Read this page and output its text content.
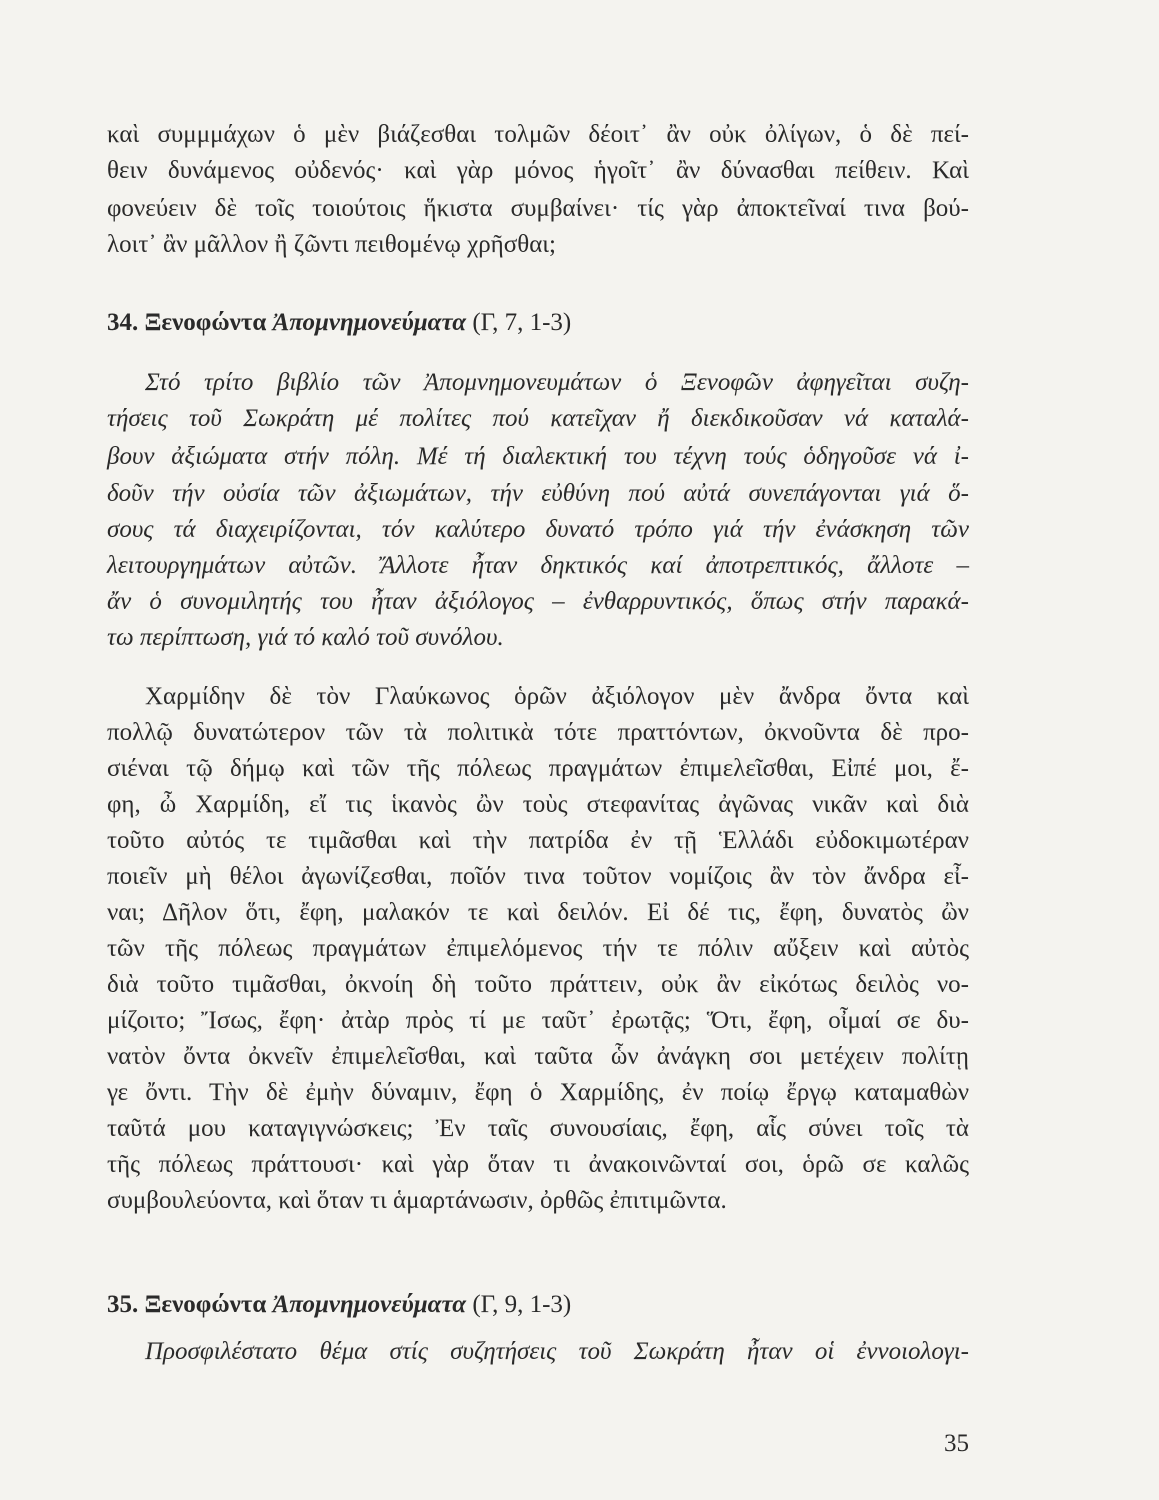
καὶ συμμμάχων ὁ μὲν βιάζεσθαι τολμῶν δέοιτ᾽ ἂν οὐκ ὀλίγων, ὁ δὲ πεί-
θειν δυνάμενος οὐδενός· καὶ γὰρ μόνος ἡγοῖτ᾽ ἂν δύνασθαι πείθειν. Καὶ
φονεύειν δὲ τοῖς τοιούτοις ἥκιστα συμβαίνει· τίς γὰρ ἀποκτεῖναί τινα βού-
λοιτ᾽ ἂν μᾶλλον ἢ ζῶντι πειθομένῳ χρῆσθαι;
34. Ξενοφώντα Ἀπομνημονεύματα (Γ, 7, 1-3)
Στό τρίτο βιβλίο τῶν Ἀπομνημονευμάτων ὁ Ξενοφῶν ἀφηγεῖται συζη-
τήσεις τοῦ Σωκράτη μέ πολίτες πού κατεῖχαν ἤ διεκδικοῦσαν νά καταλά-
βουν ἀξιώματα στήν πόλη. Μέ τή διαλεκτική του τέχνη τούς ὁδηγοῦσε νά ἰ-
δοῦν τήν οὐσία τῶν ἀξιωμάτων, τήν εὐθύνη πού αὐτά συνεπάγονται γιά ὅ-
σους τά διαχειρίζονται, τόν καλύτερο δυνατό τρόπο γιά τήν ἐνάσκηση τῶν
λειτουργημάτων αὐτῶν. Ἄλλοτε ἦταν δηκτικός καί ἀποτρεπτικός, ἄλλοτε –
ἄν ὁ συνομιλητής του ἦταν ἀξιόλογος – ἐνθαρρυντικός, ὅπως στήν παρακά-
τω περίπτωση, γιά τό καλό τοῦ συνόλου.
Χαρμίδην δὲ τὸν Γλαύκωνος ὁρῶν ἀξιόλογον μὲν ἄνδρα ὄντα καὶ
πολλῷ δυνατώτερον τῶν τὰ πολιτικὰ τότε πραττόντων, ὀκνοῦντα δὲ προ-
σιέναι τῷ δήμῳ καὶ τῶν τῆς πόλεως πραγμάτων ἐπιμελεῖσθαι, Εἰπέ μοι, ἔ-
φη, ὦ Χαρμίδη, εἴ τις ἱκανὸς ὢν τοὺς στεφανίτας ἀγῶνας νικᾶν καὶ διὰ
τοῦτο αὐτός τε τιμᾶσθαι καὶ τὴν πατρίδα ἐν τῇ Ἑλλάδι εὐδοκιμωτέραν
ποιεῖν μὴ θέλοι ἀγωνίζεσθαι, ποῖόν τινα τοῦτον νομίζοις ἂν τὸν ἄνδρα εἶ-
ναι; Δῆλον ὅτι, ἔφη, μαλακόν τε καὶ δειλόν. Εἰ δέ τις, ἔφη, δυνατὸς ὢν
τῶν τῆς πόλεως πραγμάτων ἐπιμελόμενος τήν τε πόλιν αὔξειν καὶ αὐτὸς
διὰ τοῦτο τιμᾶσθαι, ὀκνοίη δὴ τοῦτο πράττειν, οὐκ ἂν εἰκότως δειλὸς νο-
μίζοιτο; Ἴσως, ἔφη· ἀτὰρ πρὸς τί με ταῦτ᾽ ἐρωτᾷς; Ὅτι, ἔφη, οἶμαί σε δυ-
νατὸν ὄντα ὀκνεῖν ἐπιμελεῖσθαι, καὶ ταῦτα ὧν ἀνάγκη σοι μετέχειν πολίτῃ
γε ὄντι. Τὴν δὲ ἐμὴν δύναμιν, ἔφη ὁ Χαρμίδης, ἐν ποίῳ ἔργῳ καταμαθὼν
ταῦτά μου καταγιγνώσκεις; Ἐν ταῖς συνουσίαις, ἔφη, αἷς σύνει τοῖς τὰ
τῆς πόλεως πράττουσι· καὶ γὰρ ὅταν τι ἀνακοινῶνταί σοι, ὁρῶ σε καλῶς
συμβουλεύοντα, καὶ ὅταν τι ἁμαρτάνωσιν, ὀρθῶς ἐπιτιμῶντα.
35. Ξενοφώντα Ἀπομνημονεύματα (Γ, 9, 1-3)
Προσφιλέστατο θέμα στίς συζητήσεις τοῦ Σωκράτη ἦταν οἱ ἐννοιολογι-
35
